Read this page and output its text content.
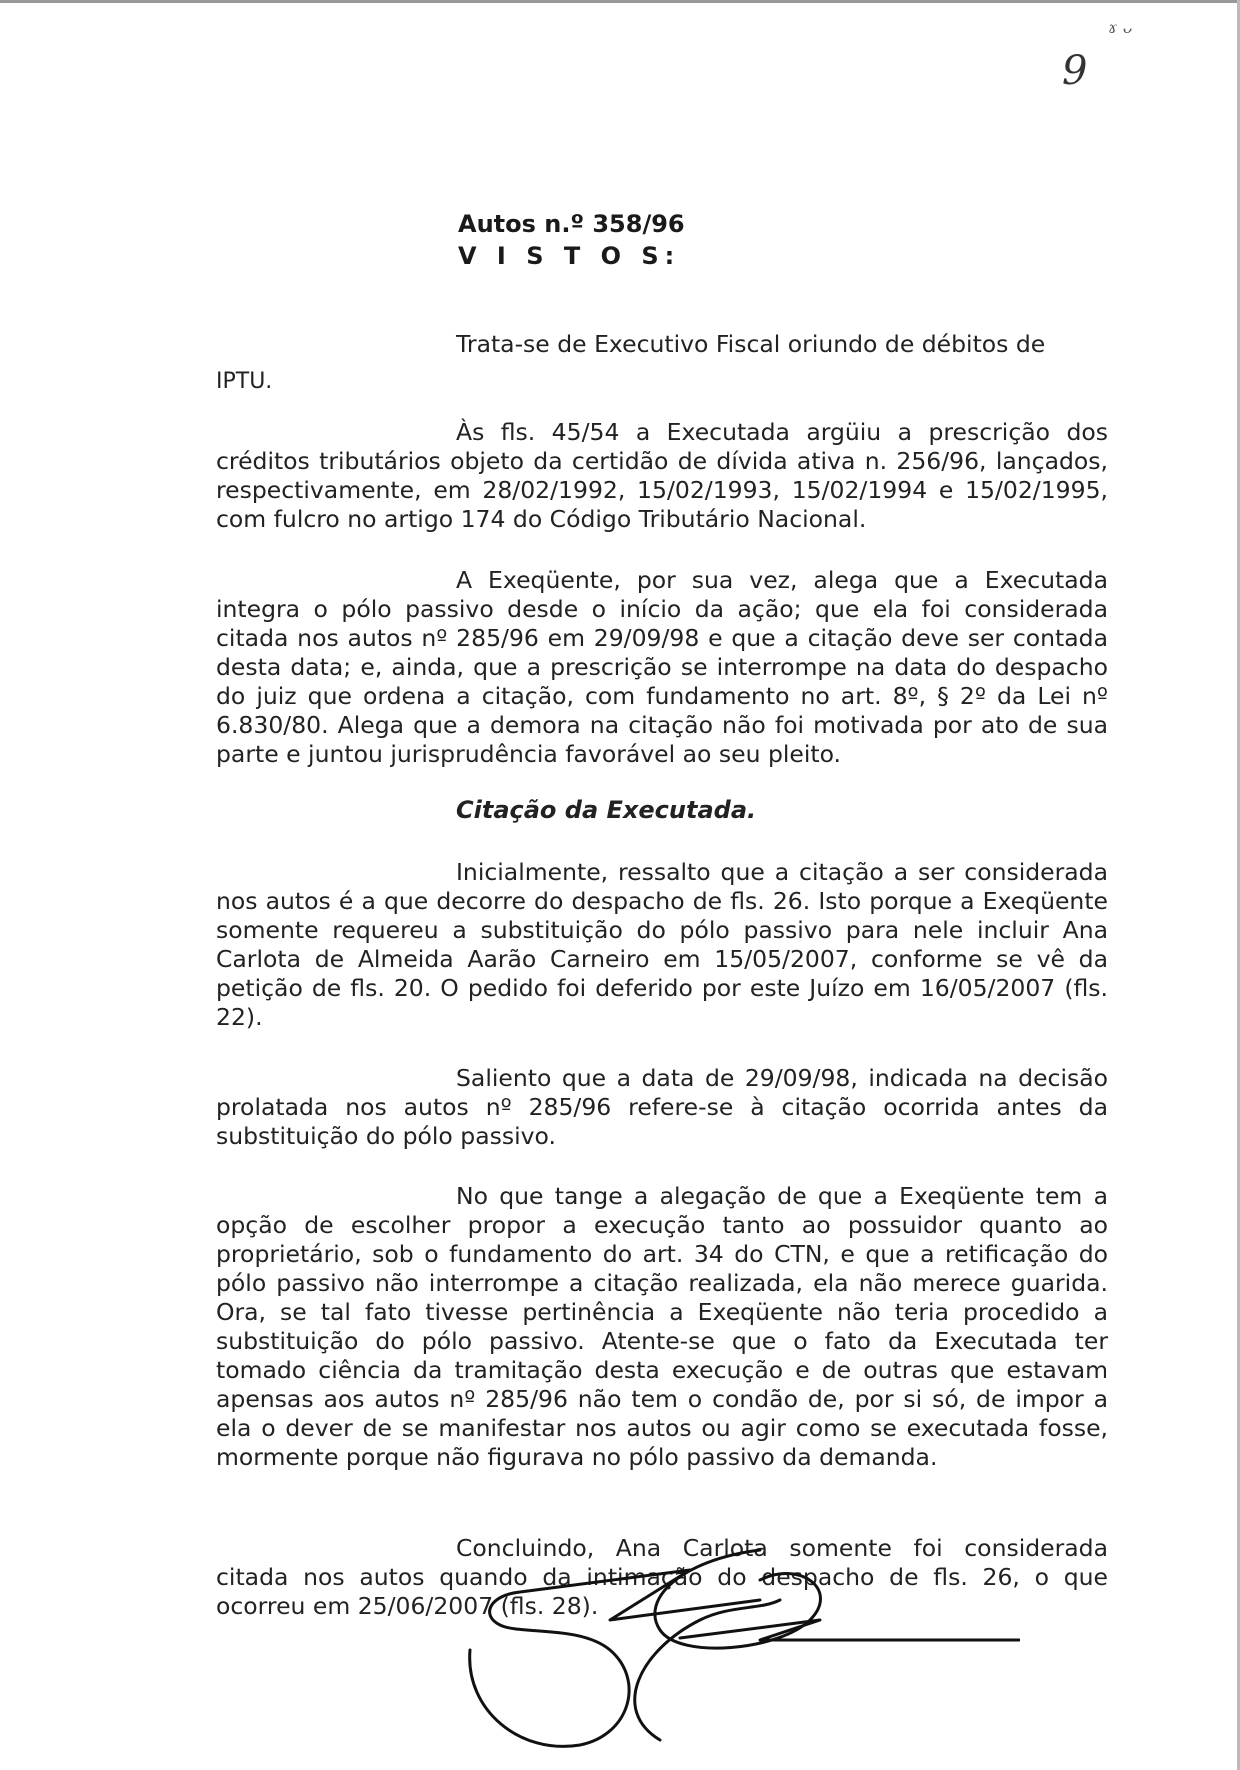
ɤ ᴗ
9
Autos n.º 358/96
V I S T O S:

Trata-se de Executivo Fiscal oriundo de débitos de
IPTU.

Às fls. 45/54 a Executada argüiu a prescrição dos créditos tributários objeto da certidão de dívida ativa n. 256/96, lançados, respectivamente, em 28/02/1992, 15/02/1993, 15/02/1994 e 15/02/1995, com fulcro no artigo 174 do Código Tributário Nacional.

A Exeqüente, por sua vez, alega que a Executada integra o pólo passivo desde o início da ação; que ela foi considerada citada nos autos nº 285/96 em 29/09/98 e que a citação deve ser contada desta data; e, ainda, que a prescrição se interrompe na data do despacho do juiz que ordena a citação, com fundamento no art. 8º, § 2º da Lei nº 6.830/80. Alega que a demora na citação não foi motivada por ato de sua parte e juntou jurisprudência favorável ao seu pleito.

Citação da Executada.

Inicialmente, ressalto que a citação a ser considerada nos autos é a que decorre do despacho de fls. 26. Isto porque a Exeqüente somente requereu a substituição do pólo passivo para nele incluir Ana Carlota de Almeida Aarão Carneiro em 15/05/2007, conforme se vê da petição de fls. 20. O pedido foi deferido por este Juízo em 16/05/2007 (fls. 22).

Saliento que a data de 29/09/98, indicada na decisão prolatada nos autos nº 285/96 refere-se à citação ocorrida antes da substituição do pólo passivo.

No que tange a alegação de que a Exeqüente tem a opção de escolher propor a execução tanto ao possuidor quanto ao proprietário, sob o fundamento do art. 34 do CTN, e que a retificação do pólo passivo não interrompe a citação realizada, ela não merece guarida. Ora, se tal fato tivesse pertinência a Exeqüente não teria procedido a substituição do pólo passivo. Atente-se que o fato da Executada ter tomado ciência da tramitação desta execução e de outras que estavam apensas aos autos nº 285/96 não tem o condão de, por si só, de impor a ela o dever de se manifestar nos autos ou agir como se executada fosse, mormente porque não figurava no pólo passivo da demanda.

Concluindo, Ana Carlota somente foi considerada citada nos autos quando da intimação do despacho de fls. 26, o que ocorreu em 25/06/2007 (fls. 28).
